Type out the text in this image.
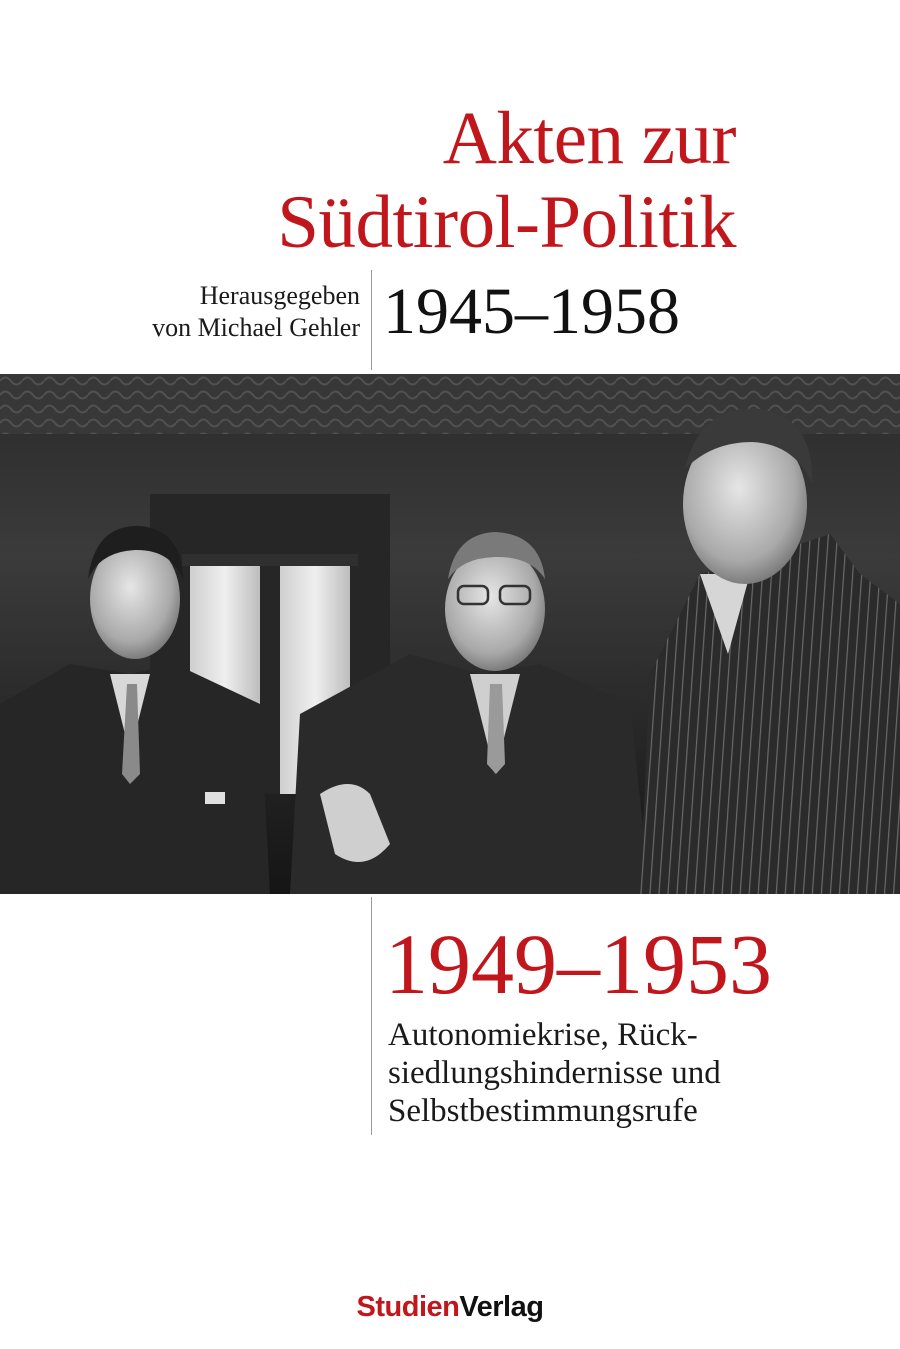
Akten zur
Südtirol-Politik
Herausgegeben
von Michael Gehler 1945–1958
1949–1953
Autonomiekrise, Rück-
siedlungshindernisse und
Selbstbestimmungsrufe
StudienVerlag
